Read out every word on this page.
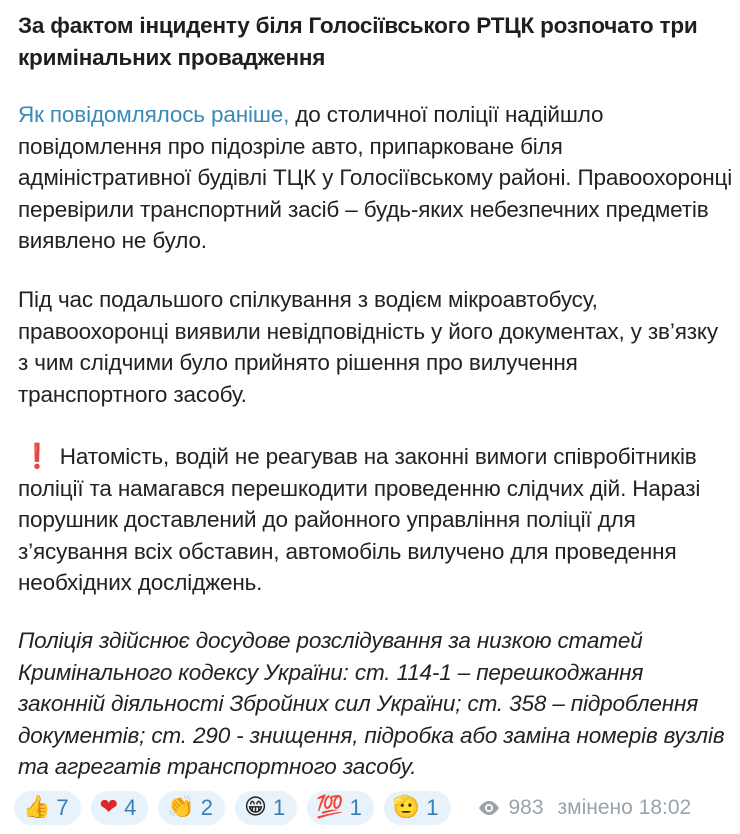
За фактом інциденту біля Голосіївського РТЦК розпочато три кримінальних провадження
Як повідомлялось раніше, до столичної поліції надійшло повідомлення про підозріле авто, припарковане біля адміністративної будівлі ТЦК у Голосіївському районі. Правоохоронці перевірили транспортний засіб – будь-яких небезпечних предметів виявлено не було.
Під час подальшого спілкування з водієм мікроавтобусу, правоохоронці виявили невідповідність у його документах, у зв’язку з чим слідчими було прийнято рішення про вилучення транспортного засобу.
❗ Натомість, водій не реагував на законні вимоги співробітників поліції та намагався перешкодити проведенню слідчих дій. Наразі порушник доставлений до районного управління поліції для з’ясування всіх обставин, автомобіль вилучено для проведення необхідних досліджень.
Поліція здійснює досудове розслідування за низкою статей Кримінального кодексу України: ст. 114-1 – перешкоджання законній діяльності Збройних сил України; ст. 358 – підроблення документів; ст. 290 - знищення, підробка або заміна номерів вузлів та агрегатів транспортного засобу.
👍 7 ❤ 4 👏 2 😁 1 💯 1 🫡 1	983 змінено 18:02
